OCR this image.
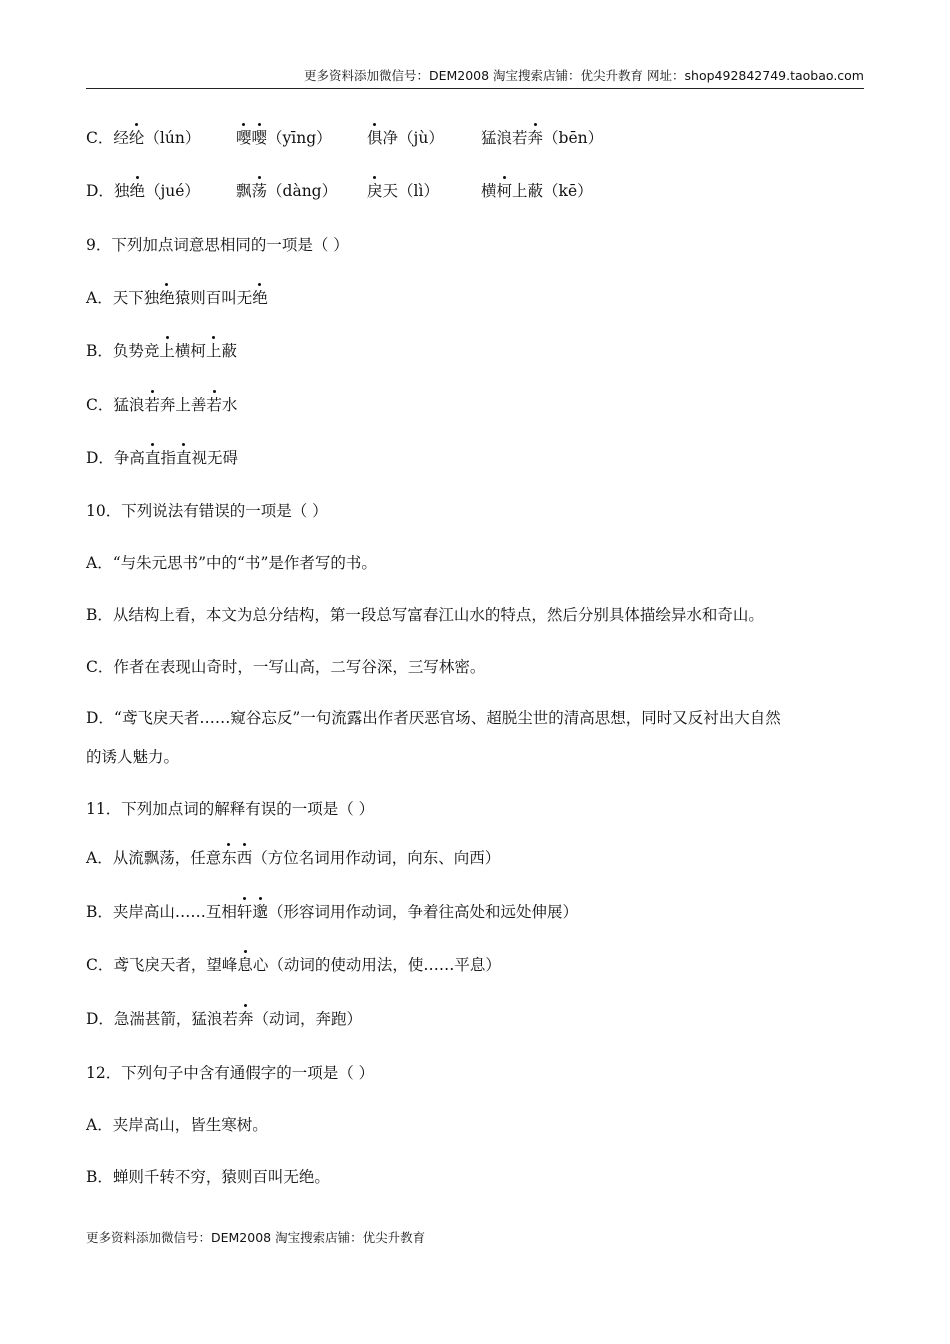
更多资料添加微信号：DEM2008 淘宝搜索店铺：优尖升教育 网址：shop492842749.taobao.com
C．经纶（lún） 嘤嘤（yīng） 俱净（jù） 猛浪若奔（bēn）
D．独绝（jué） 飘荡（dàng） 戾天（lì）	横柯上蔽（kē）
9．下列加点词意思相同的一项是（ ）
A．天下独绝猿则百叫无绝
B．负势竞上横柯上蔽
C．猛浪若奔上善若水
D．争高直指直视无碍
10．下列说法有错误的一项是（ ）
A．“与朱元思书”中的“书”是作者写的书。
B．从结构上看，本文为总分结构，第一段总写富春江山水的特点，然后分别具体描绘异水和奇山。
C．作者在表现山奇时，一写山高，二写谷深，三写林密。
D．“鸢飞戾天者……窥谷忘反”一句流露出作者厌恶官场、超脱尘世的清高思想，同时又反衬出大自然
的诱人魅力。
11．下列加点词的解释有误的一项是（ ）
A．从流飘荡，任意东西（方位名词用作动词，向东、向西）
B．夹岸高山……互相轩邈（形容词用作动词，争着往高处和远处伸展）
C．鸢飞戾天者，望峰息心（动词的使动用法，使……平息）
D．急湍甚箭，猛浪若奔（动词，奔跑）
12．下列句子中含有通假字的一项是（ ）
A．夹岸高山，皆生寒树。
B．蝉则千转不穷，猿则百叫无绝。
更多资料添加微信号：DEM2008 淘宝搜索店铺：优尖升教育
